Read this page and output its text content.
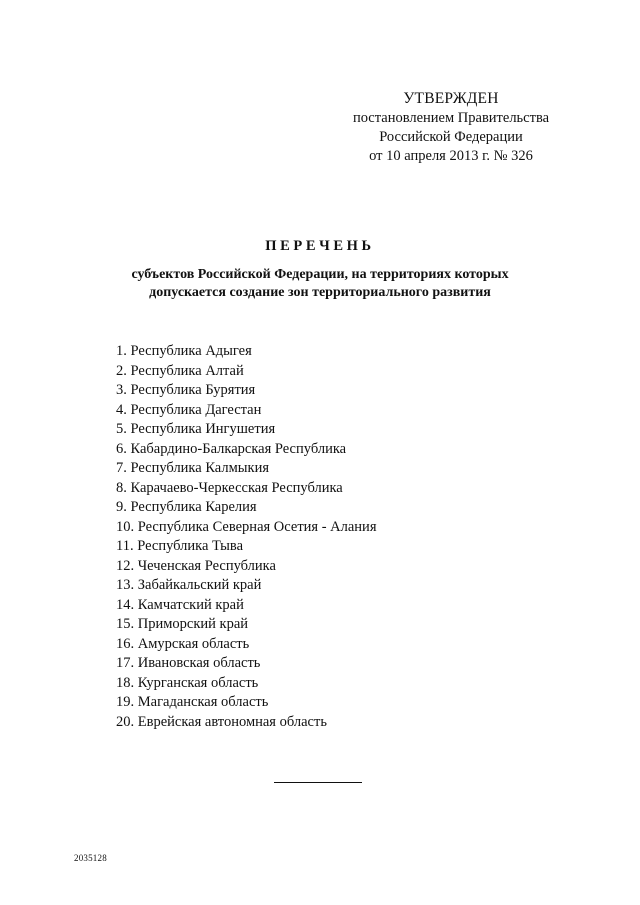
УТВЕРЖДЕН
постановлением Правительства
Российской Федерации
от 10 апреля 2013 г. № 326
ПЕРЕЧЕНЬ
субъектов Российской Федерации, на территориях которых
допускается создание зон территориального развития
1. Республика Адыгея
2. Республика Алтай
3. Республика Бурятия
4. Республика Дагестан
5. Республика Ингушетия
6. Кабардино-Балкарская Республика
7. Республика Калмыкия
8. Карачаево-Черкесская Республика
9. Республика Карелия
10. Республика Северная Осетия - Алания
11. Республика Тыва
12. Чеченская Республика
13. Забайкальский край
14. Камчатский край
15. Приморский край
16. Амурская область
17. Ивановская область
18. Курганская область
19. Магаданская область
20. Еврейская автономная область
2035128
